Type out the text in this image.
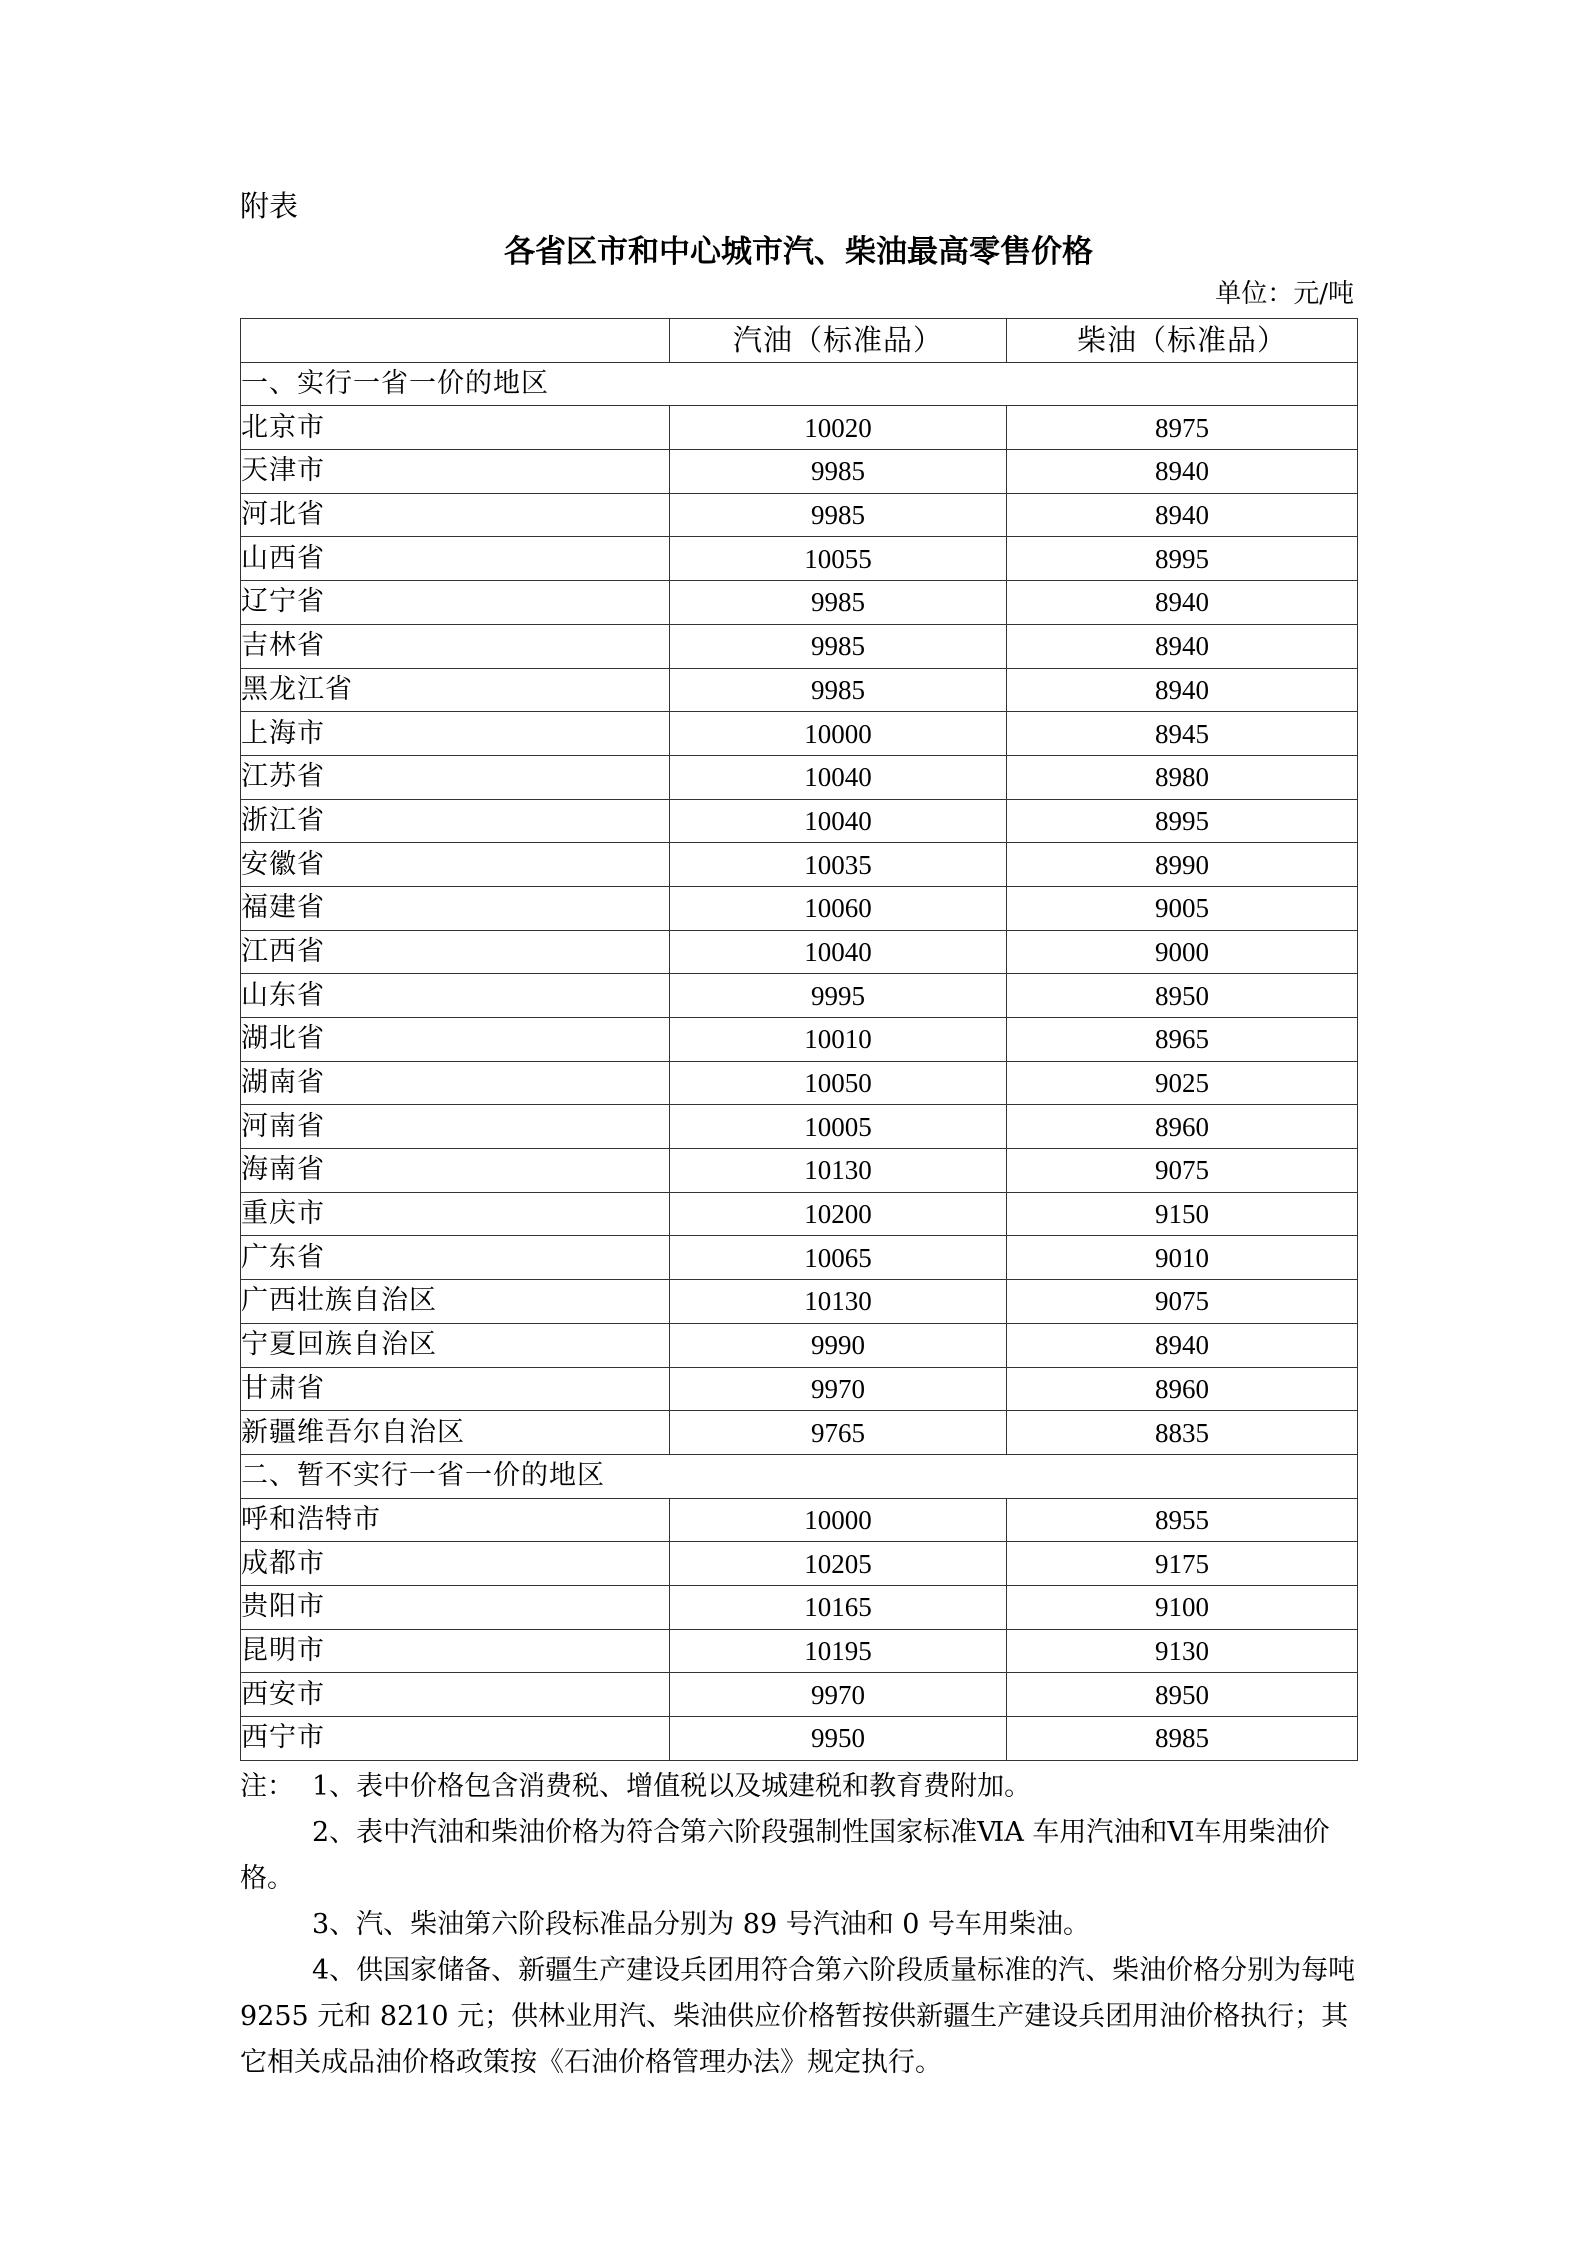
附表
各省区市和中心城市汽、柴油最高零售价格
单位：元/吨
	汽油（标准品）	柴油（标准品）
一、实行一省一价的地区		
北京市	10020	8975
天津市	9985	8940
河北省	9985	8940
山西省	10055	8995
辽宁省	9985	8940
吉林省	9985	8940
黑龙江省	9985	8940
上海市	10000	8945
江苏省	10040	8980
浙江省	10040	8995
安徽省	10035	8990
福建省	10060	9005
江西省	10040	9000
山东省	9995	8950
湖北省	10010	8965
湖南省	10050	9025
河南省	10005	8960
海南省	10130	9075
重庆市	10200	9150
广东省	10065	9010
广西壮族自治区	10130	9075
宁夏回族自治区	9990	8940
甘肃省	9970	8960
新疆维吾尔自治区	9765	8835
二、暂不实行一省一价的地区		
呼和浩特市	10000	8955
成都市	10205	9175
贵阳市	10165	9100
昆明市	10195	9130
西安市	9970	8950
西宁市	9950	8985

注： 1、表中价格包含消费税、增值税以及城建税和教育费附加。

2、表中汽油和柴油价格为符合第六阶段强制性国家标准ⅥA 车用汽油和Ⅵ车用柴油价格。

3、汽、柴油第六阶段标准品分别为 89 号汽油和 0 号车用柴油。

4、供国家储备、新疆生产建设兵团用符合第六阶段质量标准的汽、柴油价格分别为每吨 9255 元和 8210 元；供林业用汽、柴油供应价格暂按供新疆生产建设兵团用油价格执行；其它相关成品油价格政策按《石油价格管理办法》规定执行。
